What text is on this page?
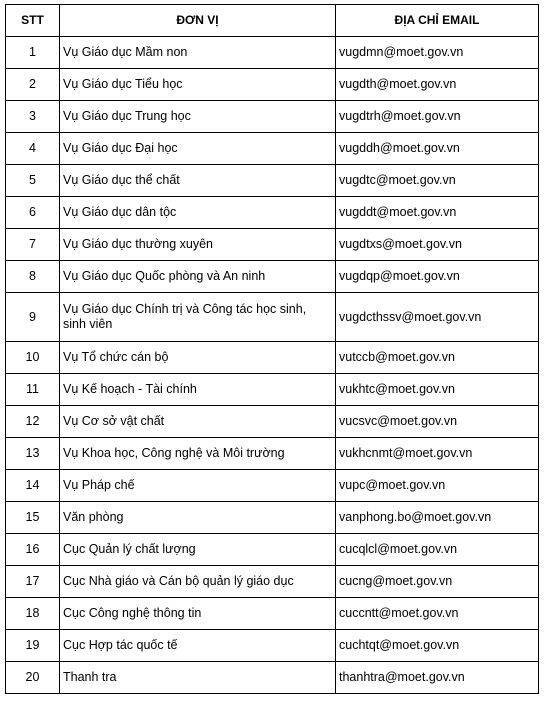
STT	ĐƠN VỊ	ĐỊA CHỈ EMAIL
1	Vụ Giáo dục Mầm non	vugdmn@moet.gov.vn
2	Vụ Giáo dục Tiểu học	vugdth@moet.gov.vn
3	Vụ Giáo dục Trung học	vugdtrh@moet.gov.vn
4	Vụ Giáo dục Đại học	vugddh@moet.gov.vn
5	Vụ Giáo dục thể chất	vugdtc@moet.gov.vn
6	Vụ Giáo dục dân tộc	vugddt@moet.gov.vn
7	Vụ Giáo dục thường xuyên	vugdtxs@moet.gov.vn
8	Vụ Giáo dục Quốc phòng và An ninh	vugdqp@moet.gov.vn
9	Vụ Giáo dục Chính trị và Công tác học sinh, sinh viên	vugdcthssv@moet.gov.vn
10	Vụ Tổ chức cán bộ	vutccb@moet.gov.vn
11	Vụ Kế hoạch - Tài chính	vukhtc@moet.gov.vn
12	Vụ Cơ sở vật chất	vucsvc@moet.gov.vn
13	Vụ Khoa học, Công nghệ và Môi trường	vukhcnmt@moet.gov.vn
14	Vụ Pháp chế	vupc@moet.gov.vn
15	Văn phòng	vanphong.bo@moet.gov.vn
16	Cục Quản lý chất lượng	cucqlcl@moet.gov.vn
17	Cục Nhà giáo và Cán bộ quản lý giáo dục	cucng@moet.gov.vn
18	Cục Công nghệ thông tin	cuccntt@moet.gov.vn
19	Cục Hợp tác quốc tế	cuchtqt@moet.gov.vn
20	Thanh tra	thanhtra@moet.gov.vn
